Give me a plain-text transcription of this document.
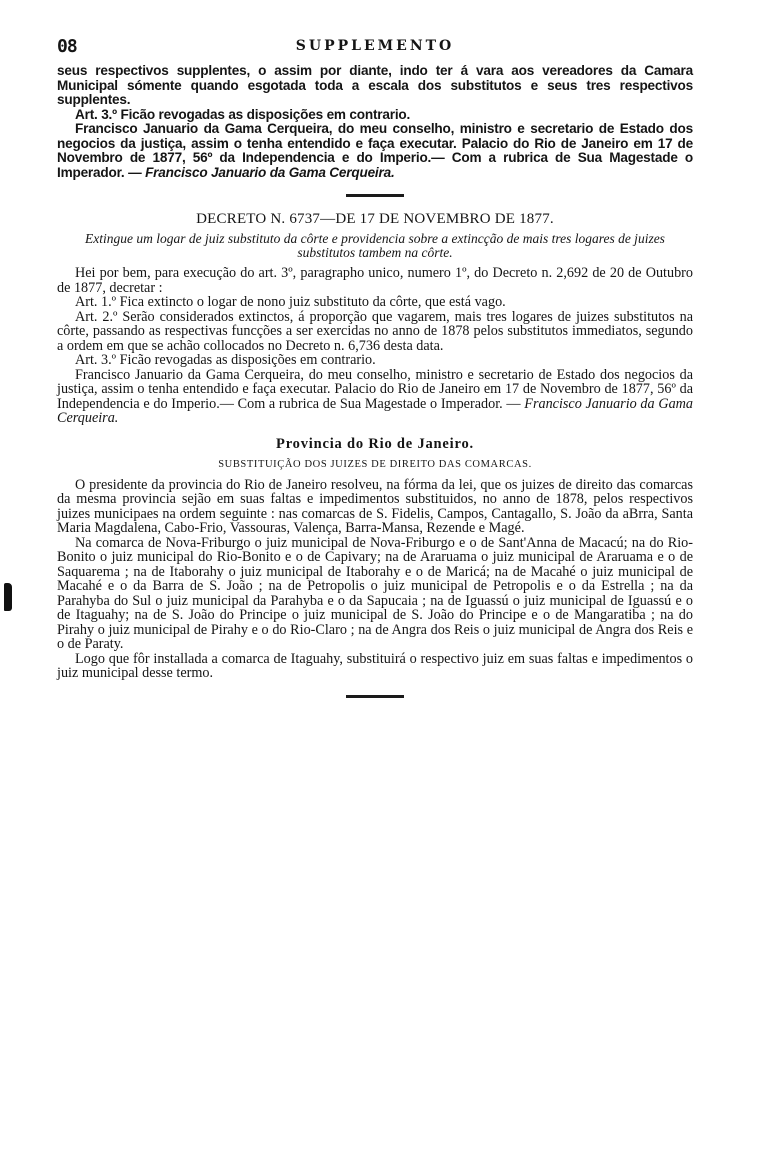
08	SUPPLEMENTO

seus respectivos supplentes, o assim por diante, indo ter á vara aos vereadores da Camara Municipal sómente quando esgotada toda a escala dos substitutos e seus tres respectivos supplentes.

Art. 3.º Ficão revogadas as disposições em contrario.

Francisco Januario da Gama Cerqueira, do meu conselho, ministro e secretario de Estado dos negocios da justiça, assim o tenha entendido e faça executar. Palacio do Rio de Janeiro em 17 de Novembro de 1877, 56º da Independencia e do Imperio.— Com a rubrica de Sua Magestade o Imperador. — Francisco Januario da Gama Cerqueira.

DECRETO N. 6737—DE 17 DE NOVEMBRO DE 1877.

Extingue um logar de juiz substituto da côrte e providencia sobre a extincção de mais tres logares de juizes substitutos tambem na côrte.

Hei por bem, para execução do art. 3º, paragrapho unico, numero 1º, do Decreto n. 2,692 de 20 de Outubro de 1877, decretar :

Art. 1.º Fica extincto o logar de nono juiz substituto da côrte, que está vago.

Art. 2.º Serão considerados extinctos, á proporção que vagarem, mais tres logares de juizes substitutos na côrte, passando as respectivas funcções a ser exercidas no anno de 1878 pelos substitutos immediatos, segundo a ordem em que se achão collocados no Decreto n. 6,736 desta data.

Art. 3.º Ficão revogadas as disposições em contrario.

Francisco Januario da Gama Cerqueira, do meu conselho, ministro e secretario de Estado dos negocios da justiça, assim o tenha entendido e faça executar. Palacio do Rio de Janeiro em 17 de Novembro de 1877, 56º da Independencia e do Imperio.— Com a rubrica de Sua Magestade o Imperador. — Francisco Januario da Gama Cerqueira.

Provincia do Rio de Janeiro.
SUBSTITUIÇÃO DOS JUIZES DE DIREITO DAS COMARCAS.

O presidente da provincia do Rio de Janeiro resolveu, na fórma da lei, que os juizes de direito das comarcas da mesma provincia sejão em suas faltas e impedimentos substituidos, no anno de 1878, pelos respectivos juizes municipaes na ordem seguinte : nas comarcas de S. Fidelis, Campos, Cantagallo, S. João da aBrra, Santa Maria Magdalena, Cabo-Frio, Vassouras, Valença, Barra-Mansa, Rezende e Magé.

Na comarca de Nova-Friburgo o juiz municipal de Nova-Friburgo e o de Sant'Anna de Macacú; na do Rio-Bonito o juiz municipal do Rio-Bonito e o de Capivary; na de Araruama o juiz municipal de Araruama e o de Saquarema ; na de Itaborahy o juiz municipal de Itaborahy e o de Maricá; na de Macahé o juiz municipal de Macahé e o da Barra de S. João ; na de Petropolis o juiz municipal de Petropolis e o da Estrella ; na da Parahyba do Sul o juiz municipal da Parahyba e o da Sapucaia ; na de Iguassú o juiz municipal de Iguassú e o de Itaguahy; na de S. João do Principe o juiz municipal de S. João do Principe e o de Mangaratiba ; na do Pirahy o juiz municipal de Pirahy e o do Rio-Claro ; na de Angra dos Reis o juiz municipal de Angra dos Reis e o de Paraty.

Logo que fôr installada a comarca de Itaguahy, substituirá o respectivo juiz em suas faltas e impedimentos o juiz municipal desse termo.
